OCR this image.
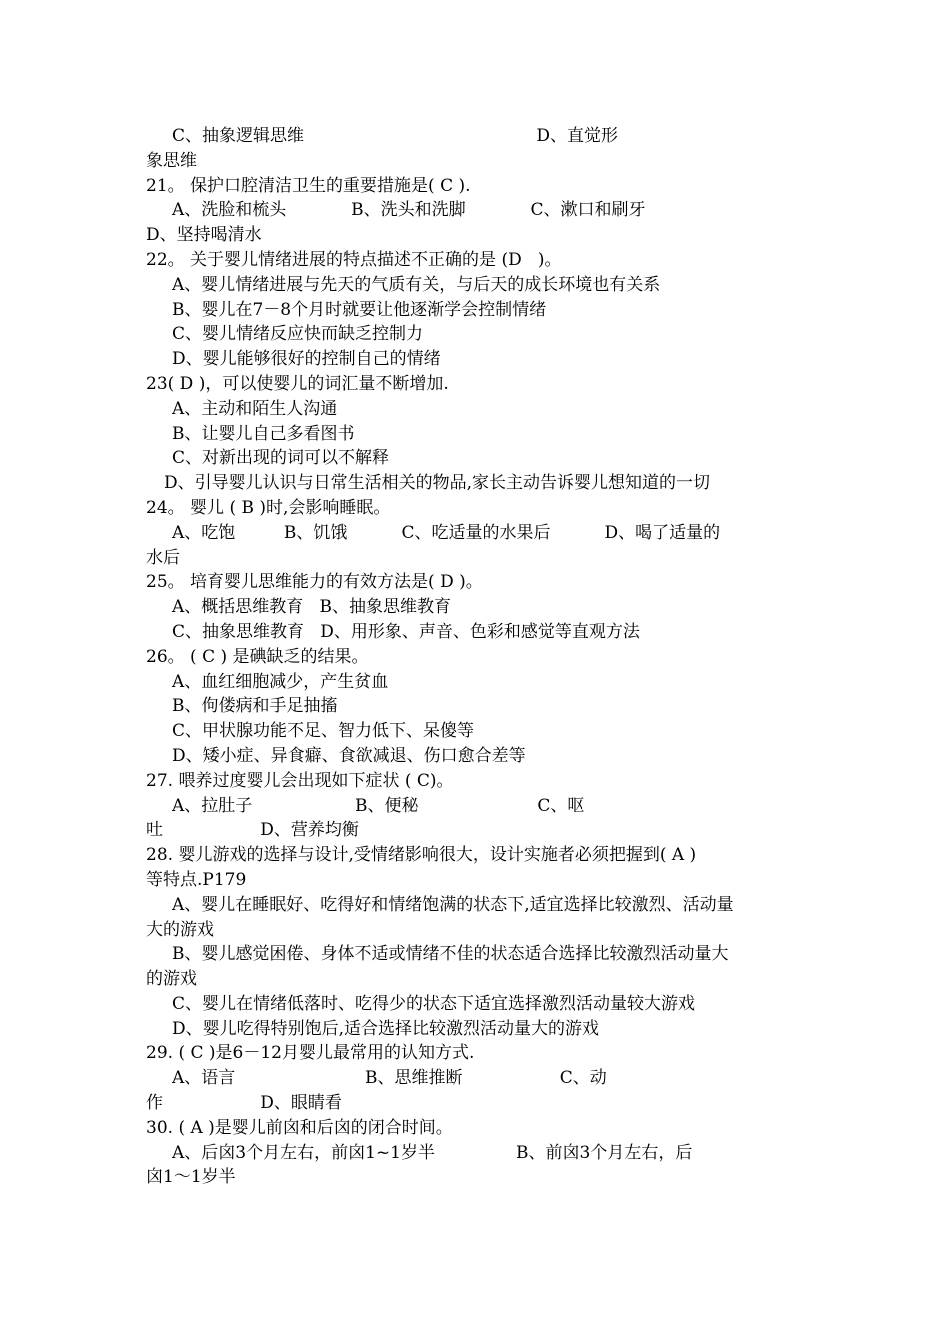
C、抽象逻辑思维                                           D、直觉形
象思维
21。 保护口腔清洁卫生的重要措施是( C ).
A、洗脸和梳头            B、洗头和洗脚            C、漱口和刷牙
D、坚持喝清水
22。 关于婴儿情绪进展的特点描述不正确的是 (D   )。
A、婴儿情绪进展与先天的气质有关，与后天的成长环境也有关系
B、婴儿在7－8个月时就要让他逐渐学会控制情绪
C、婴儿情绪反应快而缺乏控制力
D、婴儿能够很好的控制自己的情绪
23( D )，可以使婴儿的词汇量不断增加.
A、主动和陌生人沟通
B、让婴儿自己多看图书
C、对新出现的词可以不解释
D、引导婴儿认识与日常生活相关的物品,家长主动告诉婴儿想知道的一切
24。 婴儿 ( B )时,会影响睡眠。
A、吃饱         B、饥饿          C、吃适量的水果后          D、喝了适量的
水后
25。 培育婴儿思维能力的有效方法是( D )。
A、概括思维教育   B、抽象思维教育
C、抽象思维教育   D、用形象、声音、色彩和感觉等直观方法
26。 ( C ) 是碘缺乏的结果。
A、血红细胞减少，产生贫血
B、佝偻病和手足抽搐
C、甲状腺功能不足、智力低下、呆傻等
D、矮小症、异食癖、食欲减退、伤口愈合差等
27. 喂养过度婴儿会出现如下症状 ( C)。
A、拉肚子                   B、便秘                      C、呕
吐                  D、营养均衡
28. 婴儿游戏的选择与设计,受情绪影响很大，设计实施者必须把握到( A )
等特点.P179
A、婴儿在睡眠好、吃得好和情绪饱满的状态下,适宜选择比较激烈、活动量
大的游戏
B、婴儿感觉困倦、身体不适或情绪不佳的状态适合选择比较激烈活动量大
的游戏
C、婴儿在情绪低落时、吃得少的状态下适宜选择激烈活动量较大游戏
D、婴儿吃得特别饱后,适合选择比较激烈活动量大的游戏
29. ( C )是6－12月婴儿最常用的认知方式.
A、语言                        B、思维推断                  C、动
作                  D、眼睛看
30. ( A )是婴儿前囟和后囟的闭合时间。
A、后囟3个月左右，前囟1~1岁半               B、前囟3个月左右，后
囟1～1岁半
